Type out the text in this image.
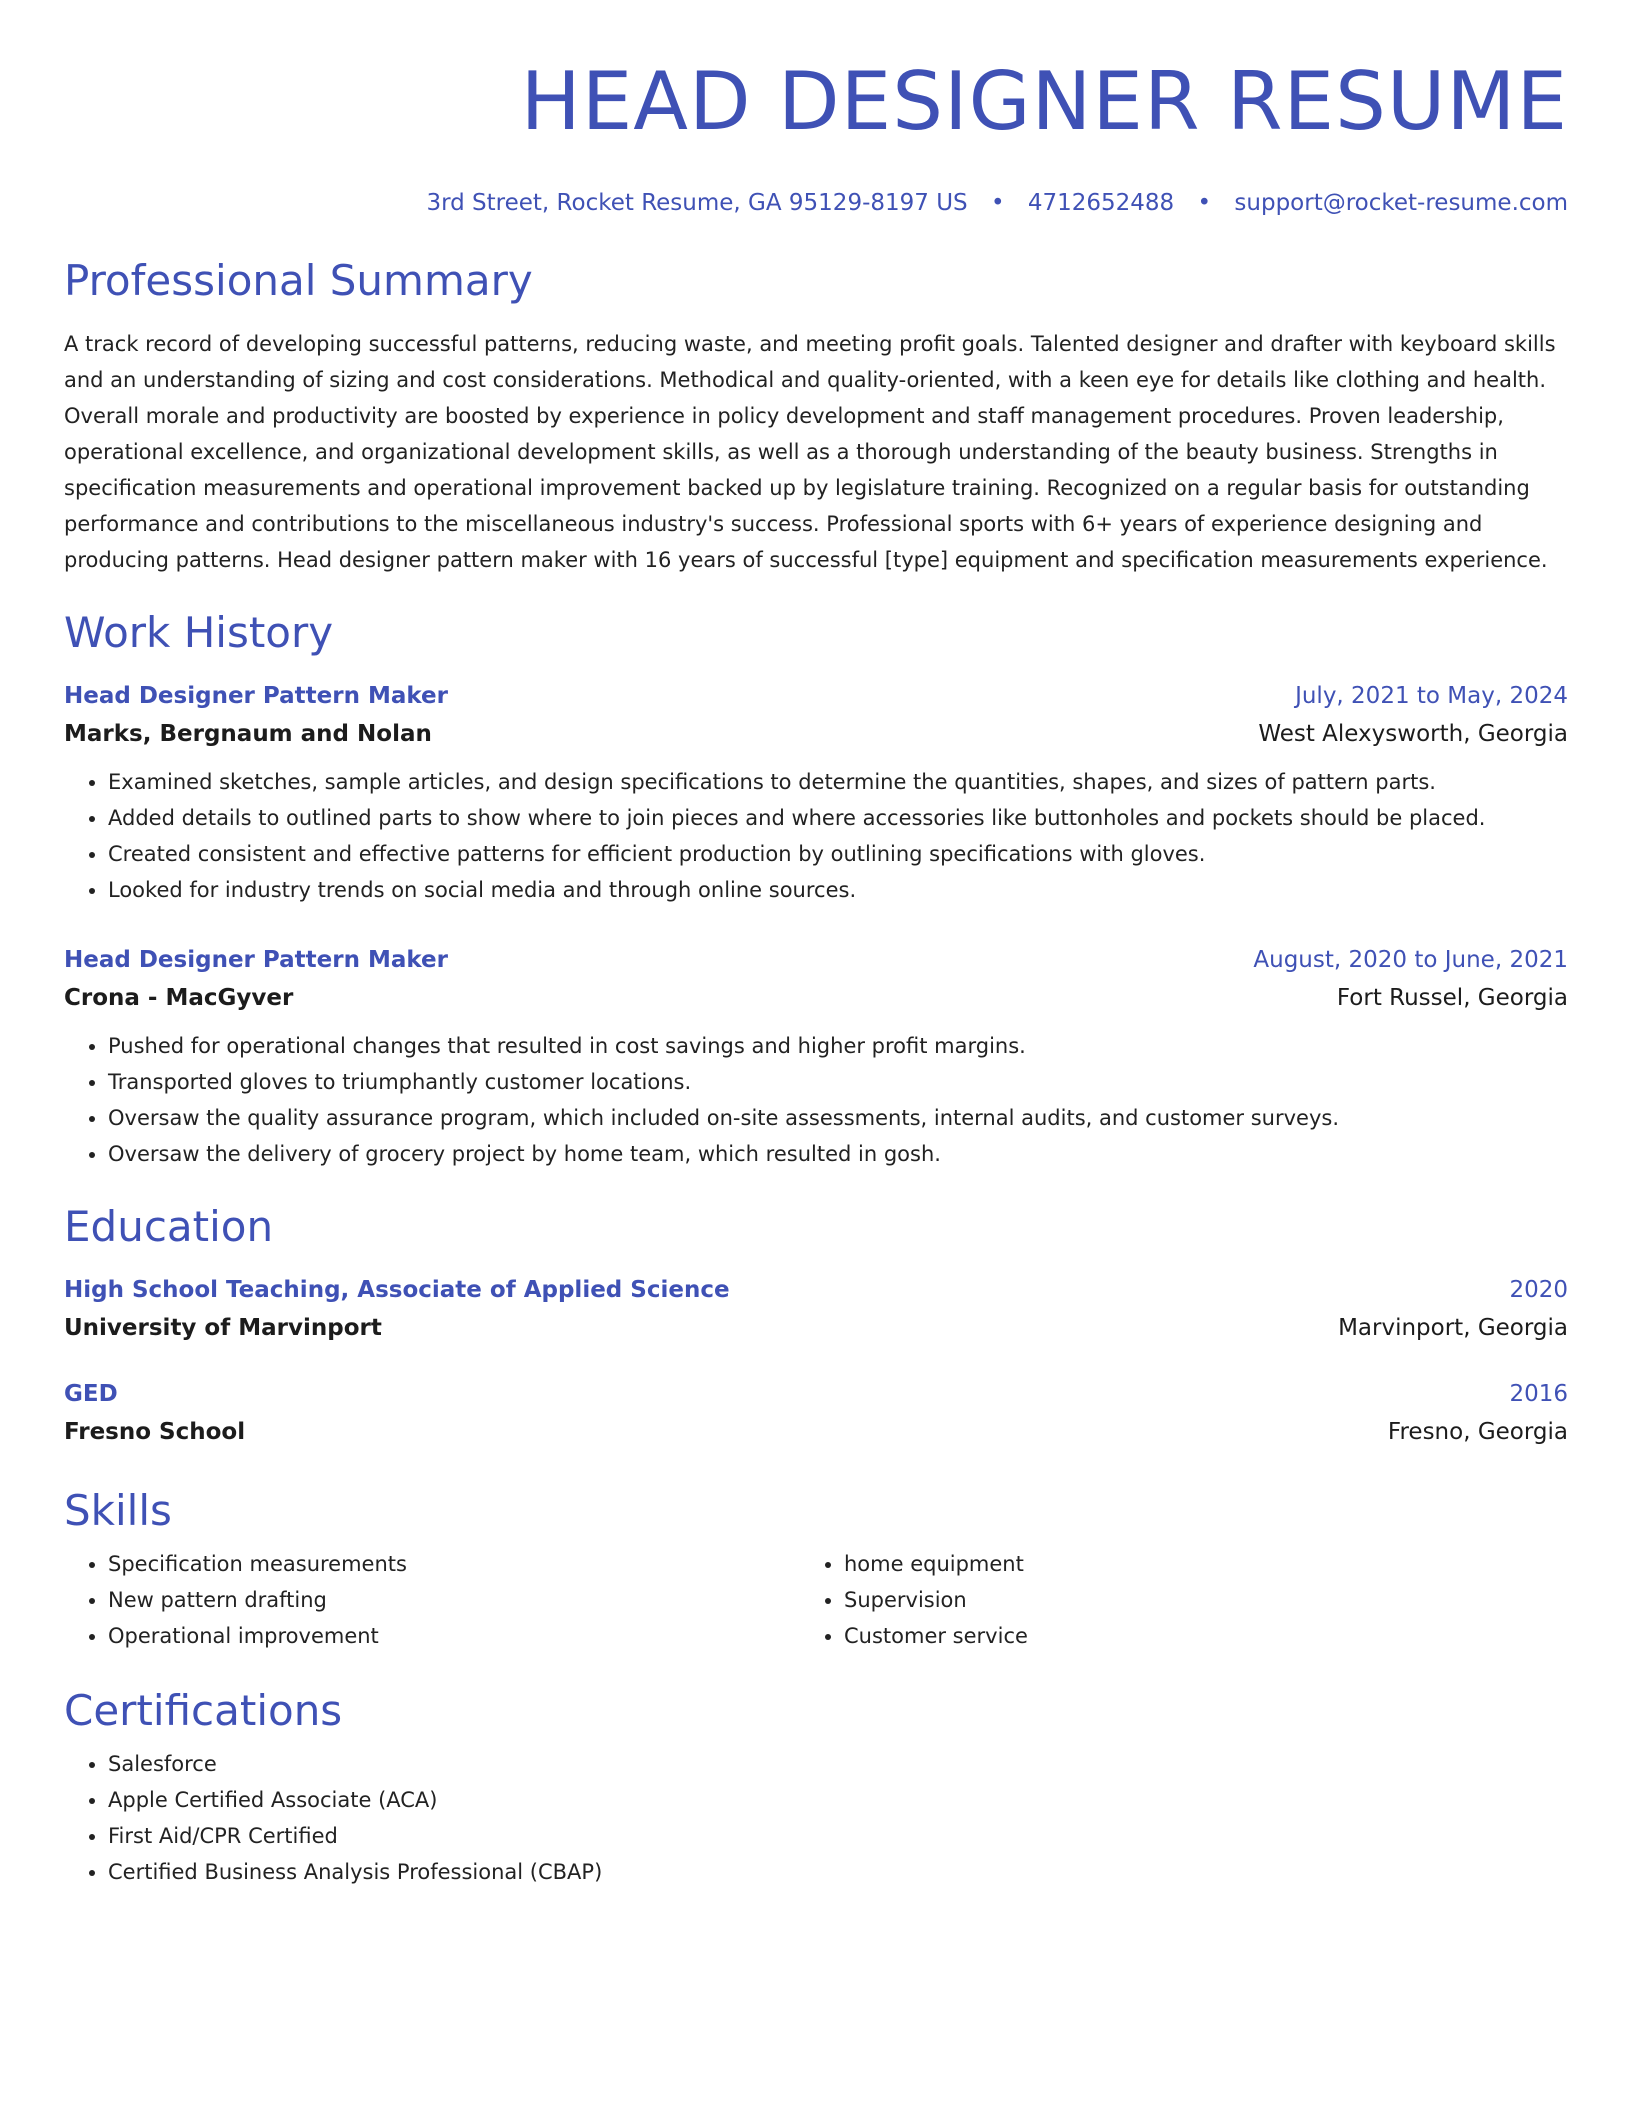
HEAD DESIGNER RESUME
3rd Street, Rocket Resume, GA 95129-8197 US • 4712652488 • support@rocket-resume.com
Professional Summary
A track record of developing successful patterns, reducing waste, and meeting profit goals. Talented designer and drafter with keyboard skills and an understanding of sizing and cost considerations. Methodical and quality-oriented, with a keen eye for details like clothing and health. Overall morale and productivity are boosted by experience in policy development and staff management procedures. Proven leadership, operational excellence, and organizational development skills, as well as a thorough understanding of the beauty business. Strengths in specification measurements and operational improvement backed up by legislature training. Recognized on a regular basis for outstanding performance and contributions to the miscellaneous industry's success. Professional sports with 6+ years of experience designing and producing patterns. Head designer pattern maker with 16 years of successful [type] equipment and specification measurements experience.
Work History
Head Designer Pattern Maker	July, 2021 to May, 2024
Marks, Bergnaum and Nolan	West Alexysworth, Georgia
• Examined sketches, sample articles, and design specifications to determine the quantities, shapes, and sizes of pattern parts.
• Added details to outlined parts to show where to join pieces and where accessories like buttonholes and pockets should be placed.
• Created consistent and effective patterns for efficient production by outlining specifications with gloves.
• Looked for industry trends on social media and through online sources.
Head Designer Pattern Maker	August, 2020 to June, 2021
Crona - MacGyver	Fort Russel, Georgia
• Pushed for operational changes that resulted in cost savings and higher profit margins.
• Transported gloves to triumphantly customer locations.
• Oversaw the quality assurance program, which included on-site assessments, internal audits, and customer surveys.
• Oversaw the delivery of grocery project by home team, which resulted in gosh.
Education
High School Teaching, Associate of Applied Science	2020
University of Marvinport	Marvinport, Georgia
GED	2016
Fresno School	Fresno, Georgia
Skills
• Specification measurements
• New pattern drafting
• Operational improvement
• home equipment
• Supervision
• Customer service
Certifications
• Salesforce
• Apple Certified Associate (ACA)
• First Aid/CPR Certified
• Certified Business Analysis Professional (CBAP)
